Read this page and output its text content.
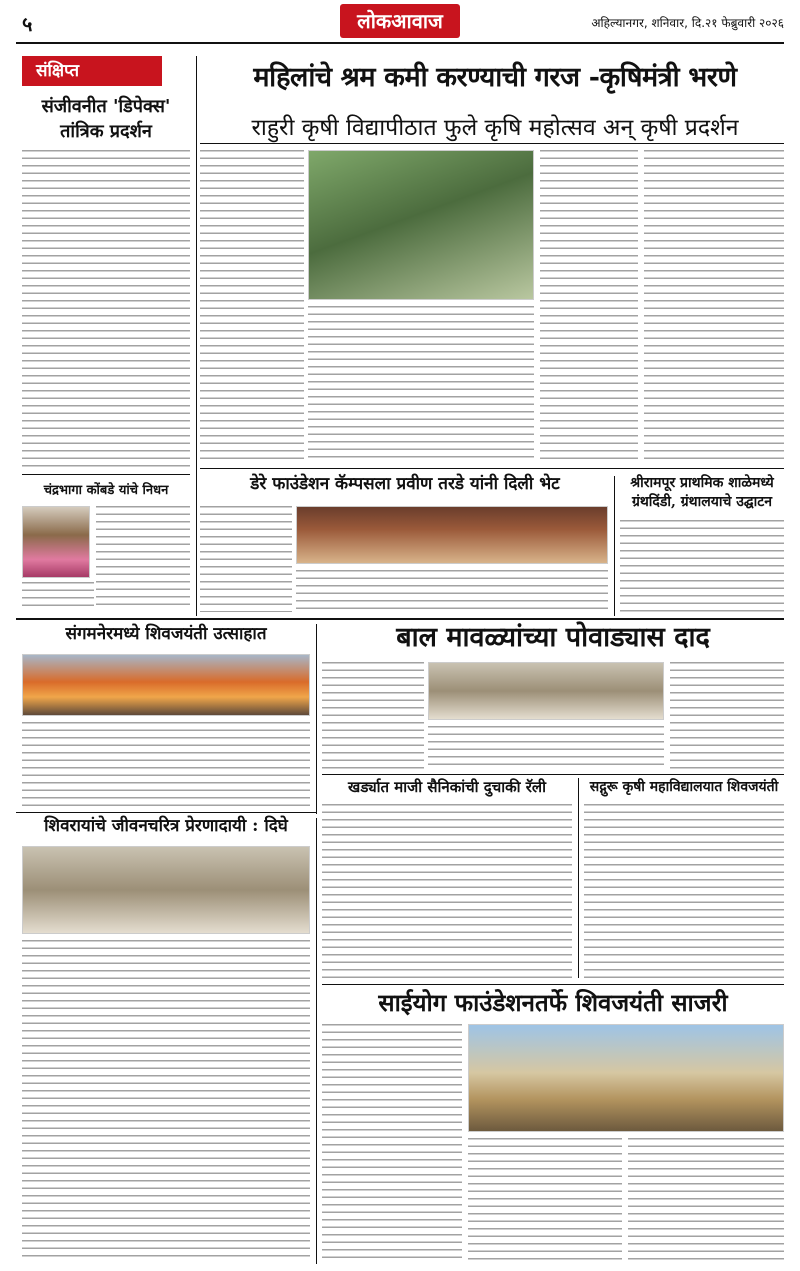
५	लोकआवाज	अहिल्यानगर, शनिवार, दि.२१ फेब्रुवारी २०२६
संक्षिप्त
संजीवनीत 'डिपेक्स'
तांत्रिक प्रदर्शन
चंद्रभागा कोंबडे यांचे निधन
महिलांचे श्रम कमी करण्याची गरज -कृषिमंत्री भरणे
राहुरी कृषी विद्यापीठात फुले कृषि महोत्सव अन् कृषी प्रदर्शन
डेरे फाउंडेशन कॅम्पसला प्रवीण तरडे यांनी दिली भेट	श्रीरामपूर प्राथमिक शाळेमध्ये
ग्रंथदिंडी, ग्रंथालयाचे उद्घाटन
संगमनेरमध्ये शिवजयंती उत्साहात	बाल मावळ्यांच्या पोवाड्यास दाद
खर्ड्यात माजी सैनिकांची दुचाकी रॅली	सद्गुरू कृषी महाविद्यालयात शिवजयंती
शिवरायांचे जीवनचरित्र प्रेरणादायी : दिघे
साईयोग फाउंडेशनतर्फे शिवजयंती साजरी
